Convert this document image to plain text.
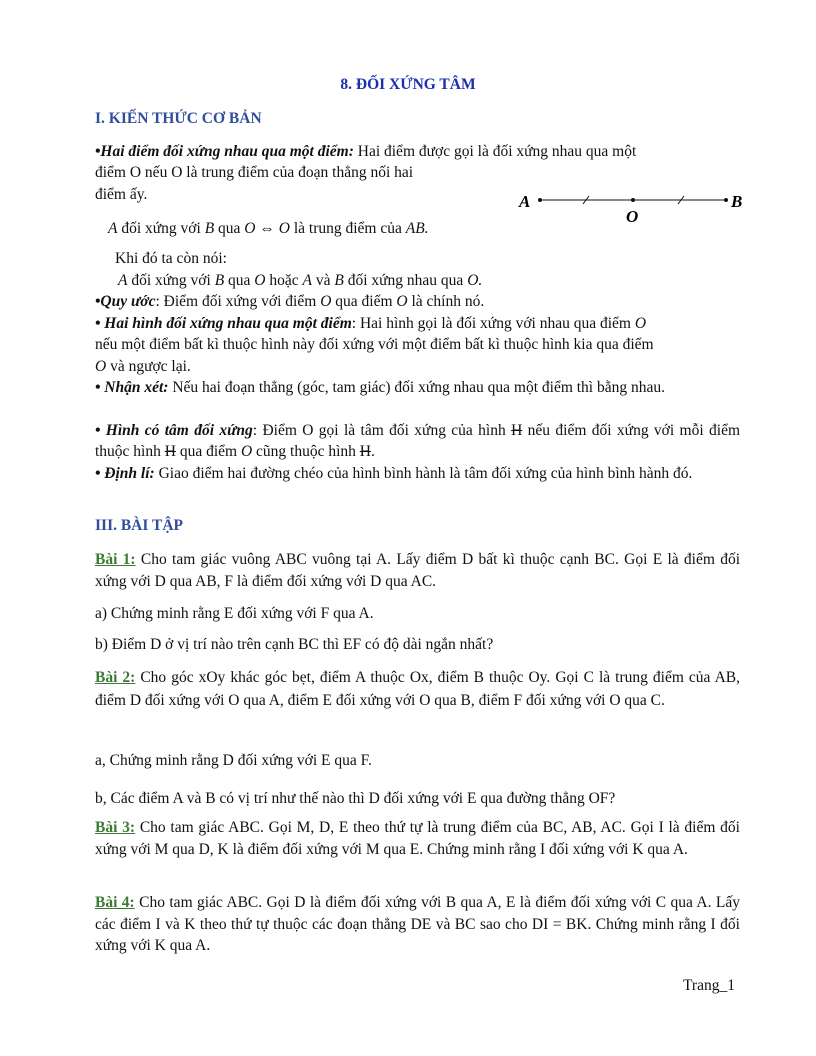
8. ĐỐI XỨNG TÂM
I. KIẾN THỨC CƠ BẢN
•Hai điểm đối xứng nhau qua một điểm: Hai điểm được gọi là đối xứng nhau qua một
điểm O nếu O là trung điểm của đoạn thẳng nối hai
điểm ấy.	A	B
O
A đối xứng với B qua O ⇔ O là trung điểm của AB.
Khi đó ta còn nói:
A đối xứng với B qua O hoặc A và B đối xứng nhau qua O.
•Quy ước: Điểm đối xứng với điểm O qua điểm O là chính nó.
• Hai hình đối xứng nhau qua một điểm: Hai hình gọi là đối xứng với nhau qua điểm O
nếu một điểm bất kì thuộc hình này đối xứng với một điểm bất kì thuộc hình kia qua điểm
O và ngược lại.
• Nhận xét: Nếu hai đoạn thẳng (góc, tam giác) đối xứng nhau qua một điểm thì bằng nhau.
• Hình có tâm đối xứng: Điểm O gọi là tâm đối xứng của hình H nếu điểm đối xứng với mỗi điểm thuộc hình H qua điểm O cũng thuộc hình H.
• Định lí: Giao điểm hai đường chéo của hình bình hành là tâm đối xứng của hình bình hành đó.
III. BÀI TẬP
Bài 1: Cho tam giác vuông ABC vuông tại A. Lấy điểm D bất kì thuộc cạnh BC. Gọi E là điểm đối xứng với D qua AB, F là điểm đối xứng với D qua AC.
a) Chứng minh rằng E đối xứng với F qua A.
b) Điểm D ở vị trí nào trên cạnh BC thì EF có độ dài ngắn nhất?
Bài 2: Cho góc xOy khác góc bẹt, điểm A thuộc Ox, điểm B thuộc Oy. Gọi C là trung điểm của AB, điểm D đối xứng với O qua A, điểm E đối xứng với O qua B, điểm F đối xứng với O qua C.
a, Chứng minh rằng D đối xứng với E qua F.
b, Các điểm A và B có vị trí như thế nào thì D đối xứng với E qua đường thẳng OF?
Bài 3: Cho tam giác ABC. Gọi M, D, E theo thứ tự là trung điểm của BC, AB, AC. Gọi I là điểm đối xứng với M qua D, K là điểm đối xứng với M qua E. Chứng minh rằng I đối xứng với K qua A.
Bài 4: Cho tam giác ABC. Gọi D là điểm đối xứng với B qua A, E là điểm đối xứng với C qua A. Lấy các điểm I và K theo thứ tự thuộc các đoạn thẳng DE và BC sao cho DI = BK. Chứng minh rằng I đối xứng với K qua A.
Trang_1
